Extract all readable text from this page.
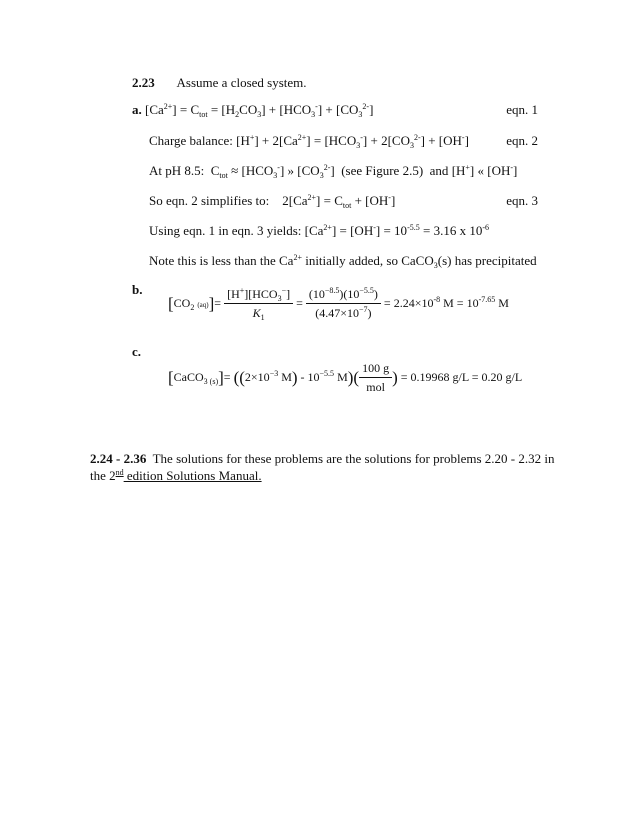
2.23 Assume a closed system.
a. $[Ca^{2+}] = C_{tot} = [H_2CO_3] + [HCO_3^-] + [CO_3^{2-}]$	eqn. 1
Charge balance: $[H^+] + 2[Ca^{2+}] = [HCO_3^-] + 2[CO_3^{2-}] + [OH^-]$	eqn. 2
At pH 8.5:  $C_{tot} \approx [HCO_3^-]$ » $[CO_3^{2-}]$  (see Figure 2.5) and [H+] « [OH-]
So eqn. 2 simplifies to:    $2[Ca^{2+}] = C_{tot} + [OH^-]$	eqn. 3
Using eqn. 1 in eqn. 3 yields: $[Ca^{2+}] = [OH^-] = 10^{-5.5} = 3.16$ x $10^{-6}$
Note this is less than the $Ca^{2+}$ initially added, so CaCO$_3$(s) has precipitated
b.
[$CO_2$ $(aq)]= \frac{[H^+][HCO_3^-]}{K_1} = \frac{(10^{-8.5})(10^{-5.5})}{(4.47\times 10^{-7})} = 2.24\times 10^{-8}$ $M = 10^{-7.65}$ M
c.
[CaCO$_{3 (s)}$]= (($2\times 10^{-3}$ $M) - 10^{-5.5}$ $M)( \frac{100 g}{\text{mol}}$ ) = 0.19968 g/L = 0.20 g/L
2.24 - 2.36 The solutions for these problems are the solutions for problems 2.20 - 2.32 in
the 2nd edition Solutions Manual.
